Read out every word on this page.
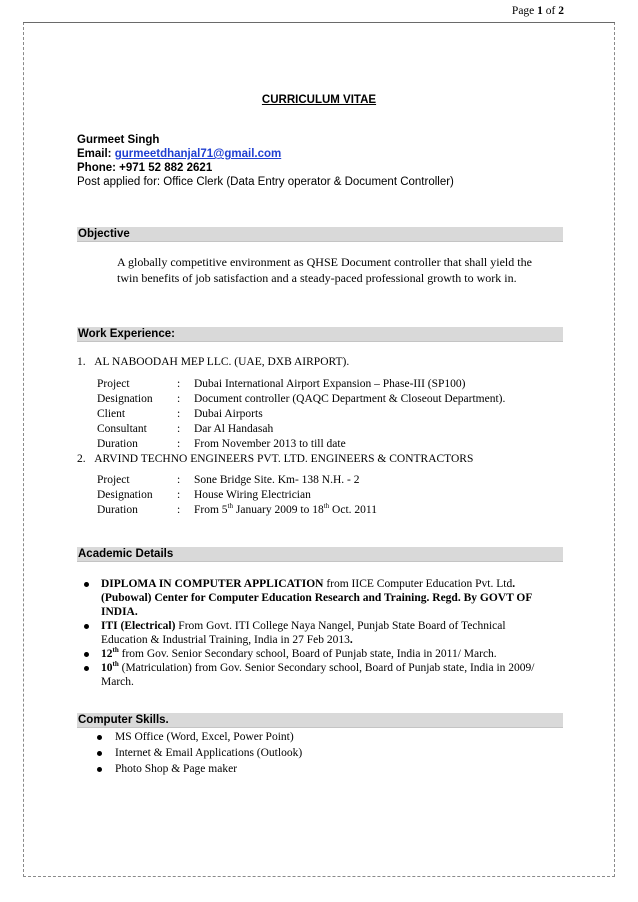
Page 1 of 2
CURRICULUM VITAE
Gurmeet Singh
Email: gurmeetdhanjal71@gmail.com
Phone: +971 52 882 2621
Post applied for: Office Clerk (Data Entry operator & Document Controller)
Objective
A globally competitive environment as QHSE Document controller that shall yield the twin benefits of job satisfaction and a steady-paced professional growth to work in.
Work Experience:
1. AL NABOODAH MEP LLC. (UAE, DXB AIRPORT).
Project	: Dubai International Airport Expansion – Phase-III (SP100)
Designation : Document controller (QAQC Department & Closeout Department).
Client	: Dubai Airports
Consultant	: Dar Al Handasah
Duration	: From November 2013 to till date
2. ARVIND TECHNO ENGINEERS PVT. LTD. ENGINEERS & CONTRACTORS
Project	: Sone Bridge Site. Km- 138 N.H. - 2
Designation : House Wiring Electrician
Duration	: From 5th January 2009 to 18th Oct. 2011
Academic Details
DIPLOMA IN COMPUTER APPLICATION from IICE Computer Education Pvt. Ltd.
(Pubowal) Center for Computer Education Research and Training. Regd. By GOVT OF
INDIA.
ITI (Electrical) From Govt. ITI College Naya Nangel, Punjab State Board of Technical
Education & Industrial Training, India in 27 Feb 2013.
12th from Gov. Senior Secondary school, Board of Punjab state, India in 2011/ March.
10th (Matriculation) from Gov. Senior Secondary school, Board of Punjab state, India in 2009/
March.
Computer Skills.
MS Office (Word, Excel, Power Point)
Internet & Email Applications (Outlook)
Photo Shop & Page maker
